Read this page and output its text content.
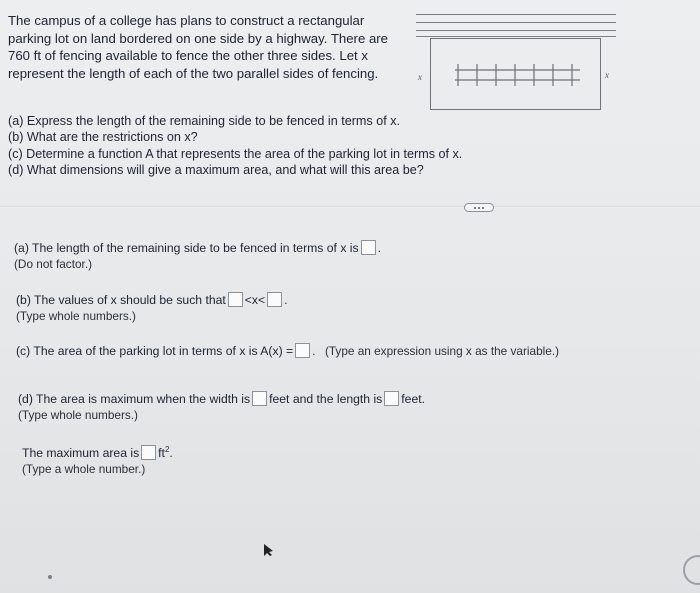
The campus of a college has plans to construct a rectangular

parking lot on land bordered on one side by a highway. There are

760 ft of fencing available to fence the other three sides. Let x

represent the length of each of the two parallel sides of fencing.	x	x
(a) Express the length of the remaining side to be fenced in terms of x.
(b) What are the restrictions on x?
(c) Determine a function A that represents the area of the parking lot in terms of x.
(d) What dimensions will give a maximum area, and what will this area be?
(a) The length of the remaining side to be fenced in terms of x is .
(Do not factor.)
(b) The values of x should be such that <x< .
(Type whole numbers.)
(c) The area of the parking lot in terms of x is A(x) = . (Type an expression using x as the variable.)
(d) The area is maximum when the width is feet and the length is feet.
(Type whole numbers.)
The maximum area is $ft^2$.
(Type a whole number.)
